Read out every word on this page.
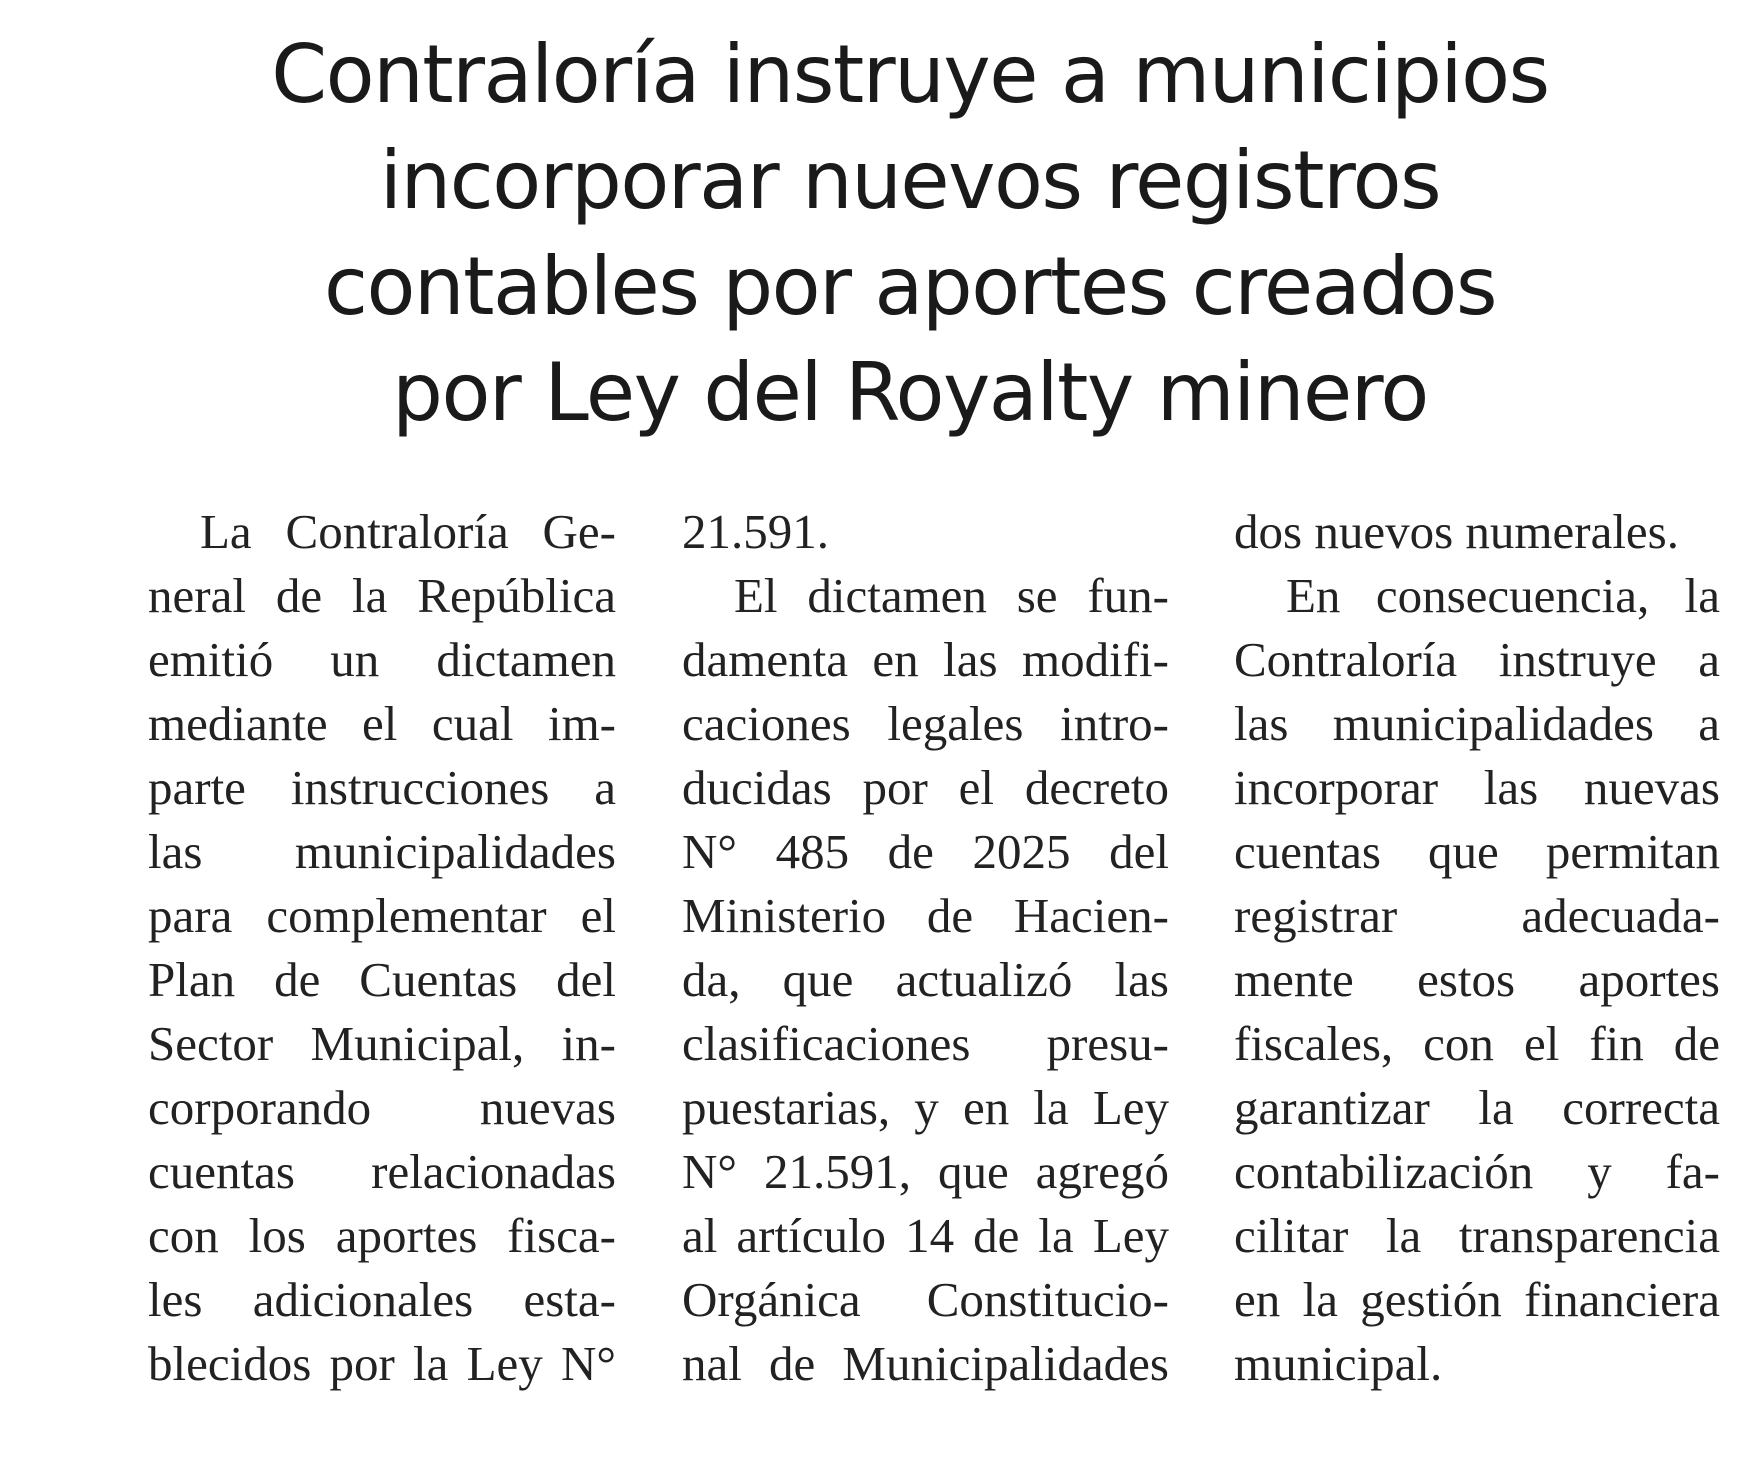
Contraloría instruye a municipios
incorporar nuevos registros
contables por aportes creados
por Ley del Royalty minero
La Contraloría Ge-
neral de la República
emitió un dictamen
mediante el cual im-
parte instrucciones a
las municipalidades
para complementar el
Plan de Cuentas del
Sector Municipal, in-
corporando nuevas
cuentas relacionadas
con los aportes fisca-
les adicionales esta-
blecidos por la Ley N°
21.591.
El dictamen se fun-
damenta en las modifi-
caciones legales intro-
ducidas por el decreto
N° 485 de 2025 del
Ministerio de Hacien-
da, que actualizó las
clasificaciones presu-
puestarias, y en la Ley
N° 21.591, que agregó
al artículo 14 de la Ley
Orgánica Constitucio-
nal de Municipalidades
dos nuevos numerales.
En consecuencia, la
Contraloría instruye a
las municipalidades a
incorporar las nuevas
cuentas que permitan
registrar adecuada-
mente estos aportes
fiscales, con el fin de
garantizar la correcta
contabilización y fa-
cilitar la transparencia
en la gestión financiera
municipal.
